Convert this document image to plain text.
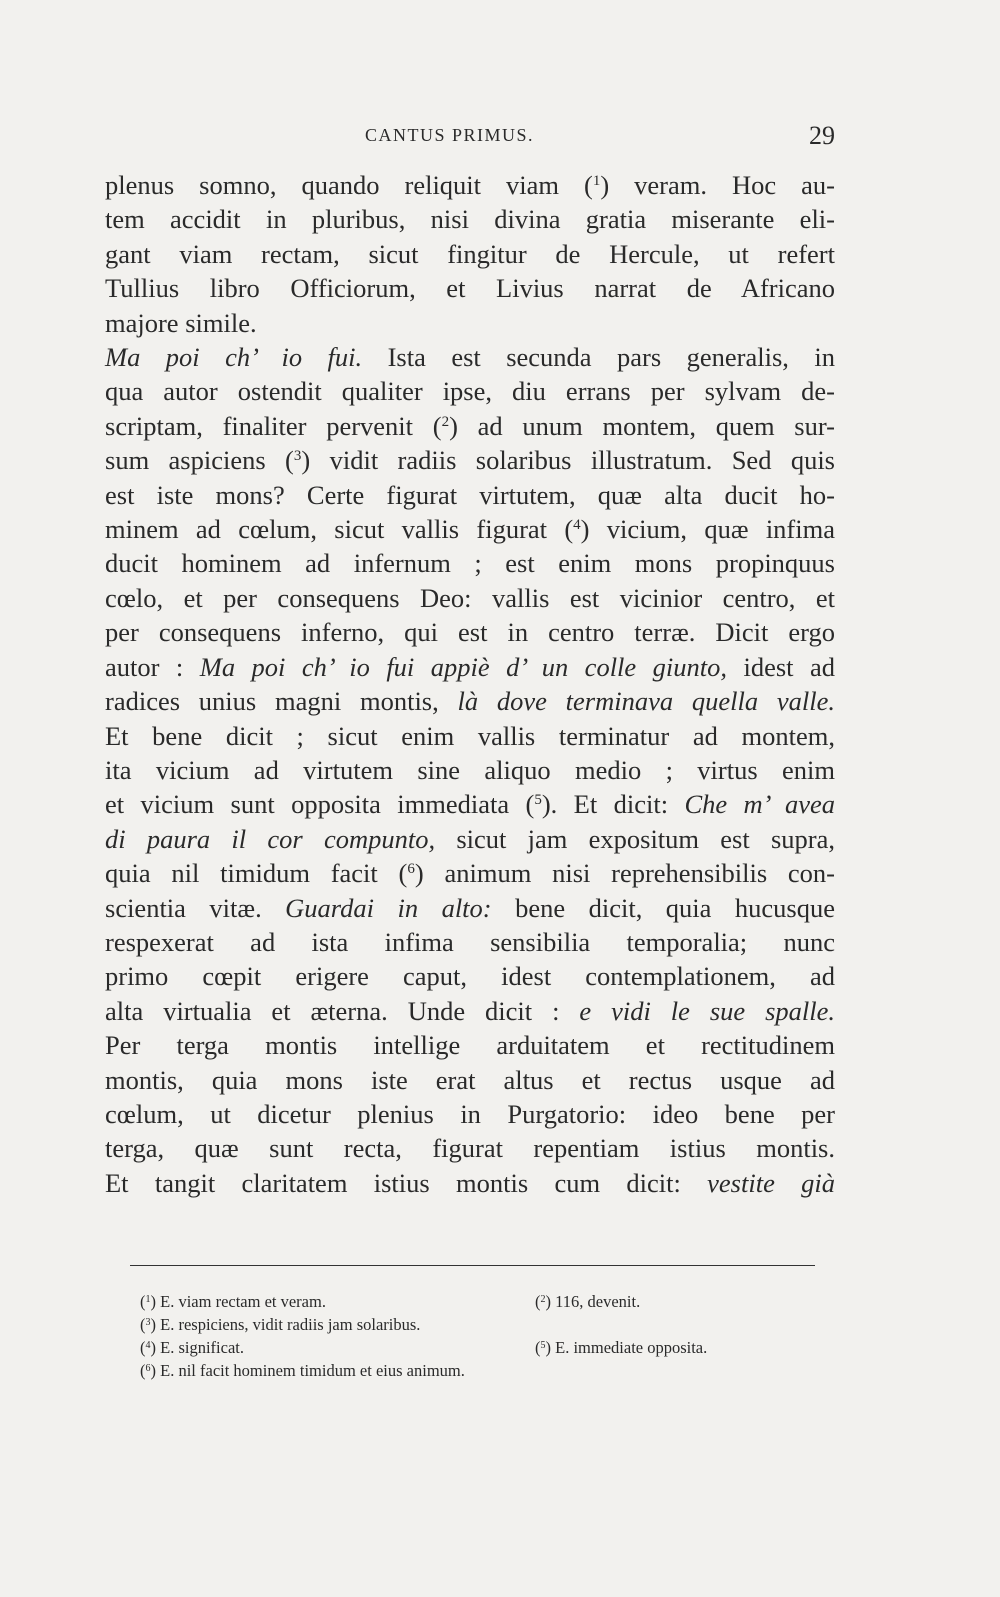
CANTUS PRIMUS.	29
plenus somno, quando reliquit viam ($^1$) veram. Hoc au-
tem accidit in pluribus, nisi divina gratia miserante eli-
gant viam rectam, sicut fingitur de Hercule, ut refert
Tullius libro Officiorum, et Livius narrat de Africano
majore simile.
Ma poi ch’ io fui. Ista est secunda pars generalis, in
qua autor ostendit qualiter ipse, diu errans per sylvam de-
scriptam, finaliter pervenit ($^2$) ad unum montem, quem sur-
sum aspiciens ($^3$) vidit radiis solaribus illustratum. Sed quis
est iste mons? Certe figurat virtutem, quæ alta ducit ho-
minem ad cœlum, sicut vallis figurat ($^4$) vicium, quæ infima
ducit hominem ad infernum ; est enim mons propinquus
cœlo, et per consequens Deo: vallis est vicinior centro, et
per consequens inferno, qui est in centro terræ. Dicit ergo
autor : Ma poi ch’ io fui appiè d’ un colle giunto, idest ad
radices unius magni montis, là dove terminava quella valle.
Et bene dicit ; sicut enim vallis terminatur ad montem,
ita vicium ad virtutem sine aliquo medio ; virtus enim
et vicium sunt opposita immediata ($^5$). Et dicit: Che m’ avea
di paura il cor compunto, sicut jam expositum est supra,
quia nil timidum facit ($^6$) animum nisi reprehensibilis con-
scientia vitæ. Guardai in alto: bene dicit, quia hucusque
respexerat ad ista infima sensibilia temporalia; nunc
primo cœpit erigere caput, idest contemplationem, ad
alta virtualia et æterna. Unde dicit : e vidi le sue spalle.
Per terga montis intellige arduitatem et rectitudinem
montis, quia mons iste erat altus et rectus usque ad
cœlum, ut dicetur plenius in Purgatorio: ideo bene per
terga, quæ sunt recta, figurat repentiam istius montis.
Et tangit claritatem istius montis cum dicit: vestite già
($^1$) E. viam rectam et veram.	($^2$) 116, devenit.
($^3$) E. respiciens, vidit radiis jam solaribus.
($^4$) E. significat.	($^5$) E. immediate opposita.
($^6$) E. nil facit hominem timidum et eius animum.
